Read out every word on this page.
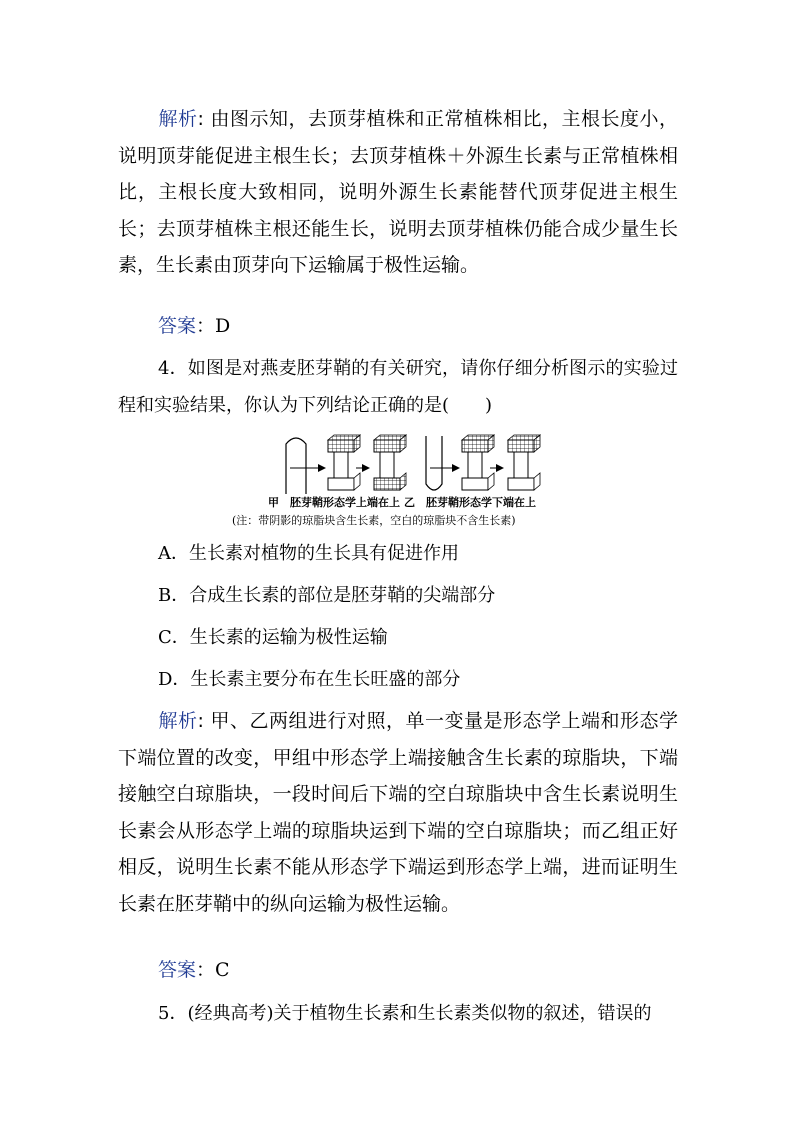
解析: 由图示知，去顶芽植株和正常植株相比，主根长度小，说明顶芽能促进主根生长；去顶芽植株＋外源生长素与正常植株相比，主根长度大致相同，说明外源生长素能替代顶芽促进主根生长；去顶芽植株主根还能生长，说明去顶芽植株仍能合成少量生长素，生长素由顶芽向下运输属于极性运输。
答案：D
4．如图是对燕麦胚芽鞘的有关研究，请你仔细分析图示的实验过程和实验结果，你认为下列结论正确的是(　　)
甲　胚芽鞘形态学上端在上 乙　胚芽鞘形态学下端在上
(注：带阴影的琼脂块含生长素，空白的琼脂块不含生长素)
A．生长素对植物的生长具有促进作用
B．合成生长素的部位是胚芽鞘的尖端部分
C．生长素的运输为极性运输
D．生长素主要分布在生长旺盛的部分
解析: 甲、乙两组进行对照，单一变量是形态学上端和形态学下端位置的改变，甲组中形态学上端接触含生长素的琼脂块，下端接触空白琼脂块，一段时间后下端的空白琼脂块中含生长素说明生长素会从形态学上端的琼脂块运到下端的空白琼脂块；而乙组正好相反，说明生长素不能从形态学下端运到形态学上端，进而证明生长素在胚芽鞘中的纵向运输为极性运输。
答案：C
5．(经典高考)关于植物生长素和生长素类似物的叙述，错误的
